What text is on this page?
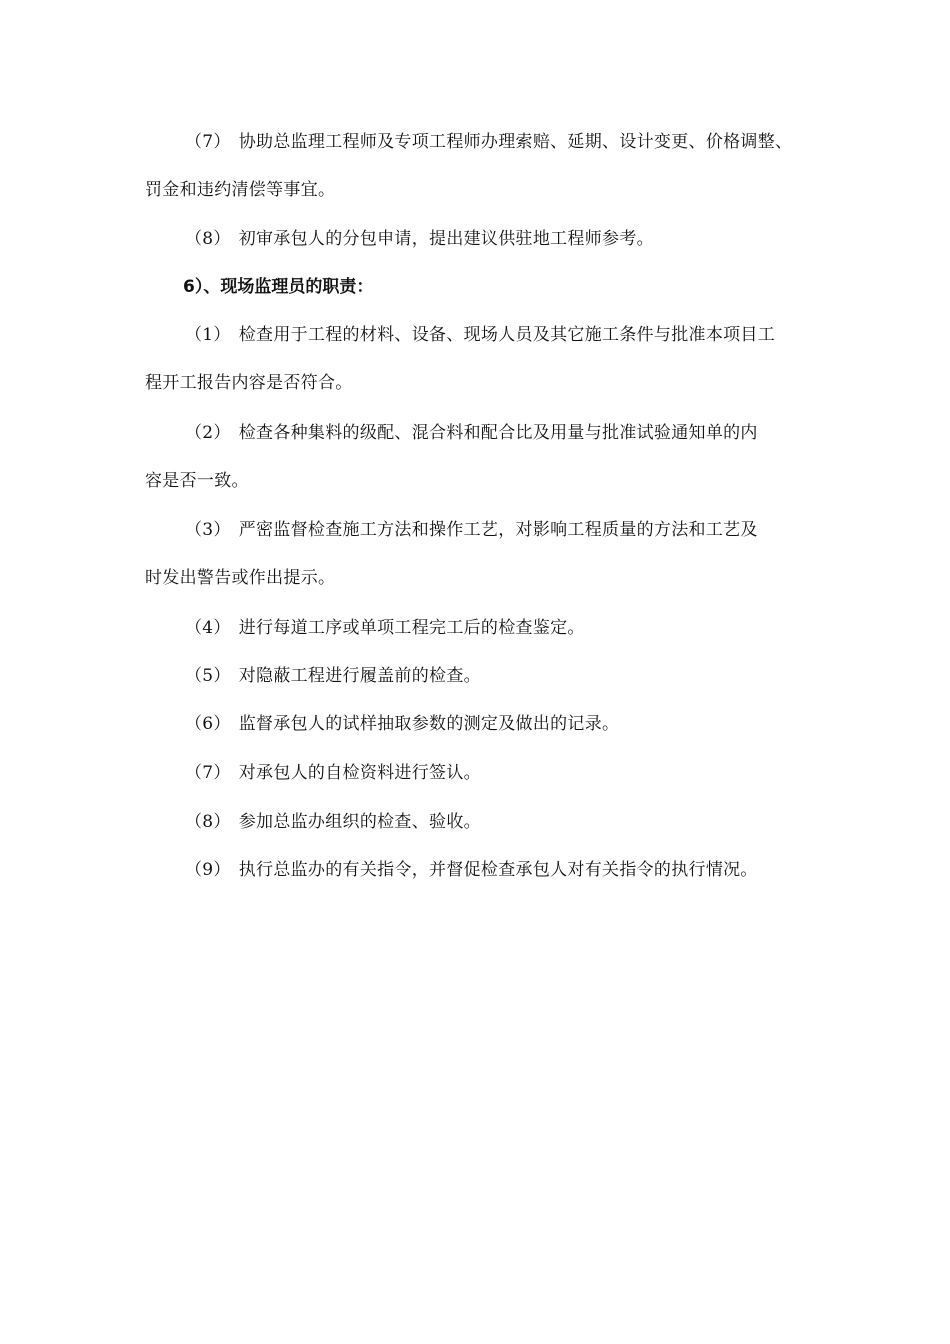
（7） 协助总监理工程师及专项工程师办理索赔、延期、设计变更、价格调整、
罚金和违约清偿等事宜。
（8） 初审承包人的分包申请，提出建议供驻地工程师参考。
6）、现场监理员的职责：
（1） 检查用于工程的材料、设备、现场人员及其它施工条件与批准本项目工
程开工报告内容是否符合。
（2） 检查各种集料的级配、混合料和配合比及用量与批准试验通知单的内
容是否一致。
（3） 严密监督检查施工方法和操作工艺，对影响工程质量的方法和工艺及
时发出警告或作出提示。
（4） 进行每道工序或单项工程完工后的检查鉴定。
（5） 对隐蔽工程进行履盖前的检查。
（6） 监督承包人的试样抽取参数的测定及做出的记录。
（7） 对承包人的自检资料进行签认。
（8） 参加总监办组织的检查、验收。
（9） 执行总监办的有关指令，并督促检查承包人对有关指令的执行情况。
